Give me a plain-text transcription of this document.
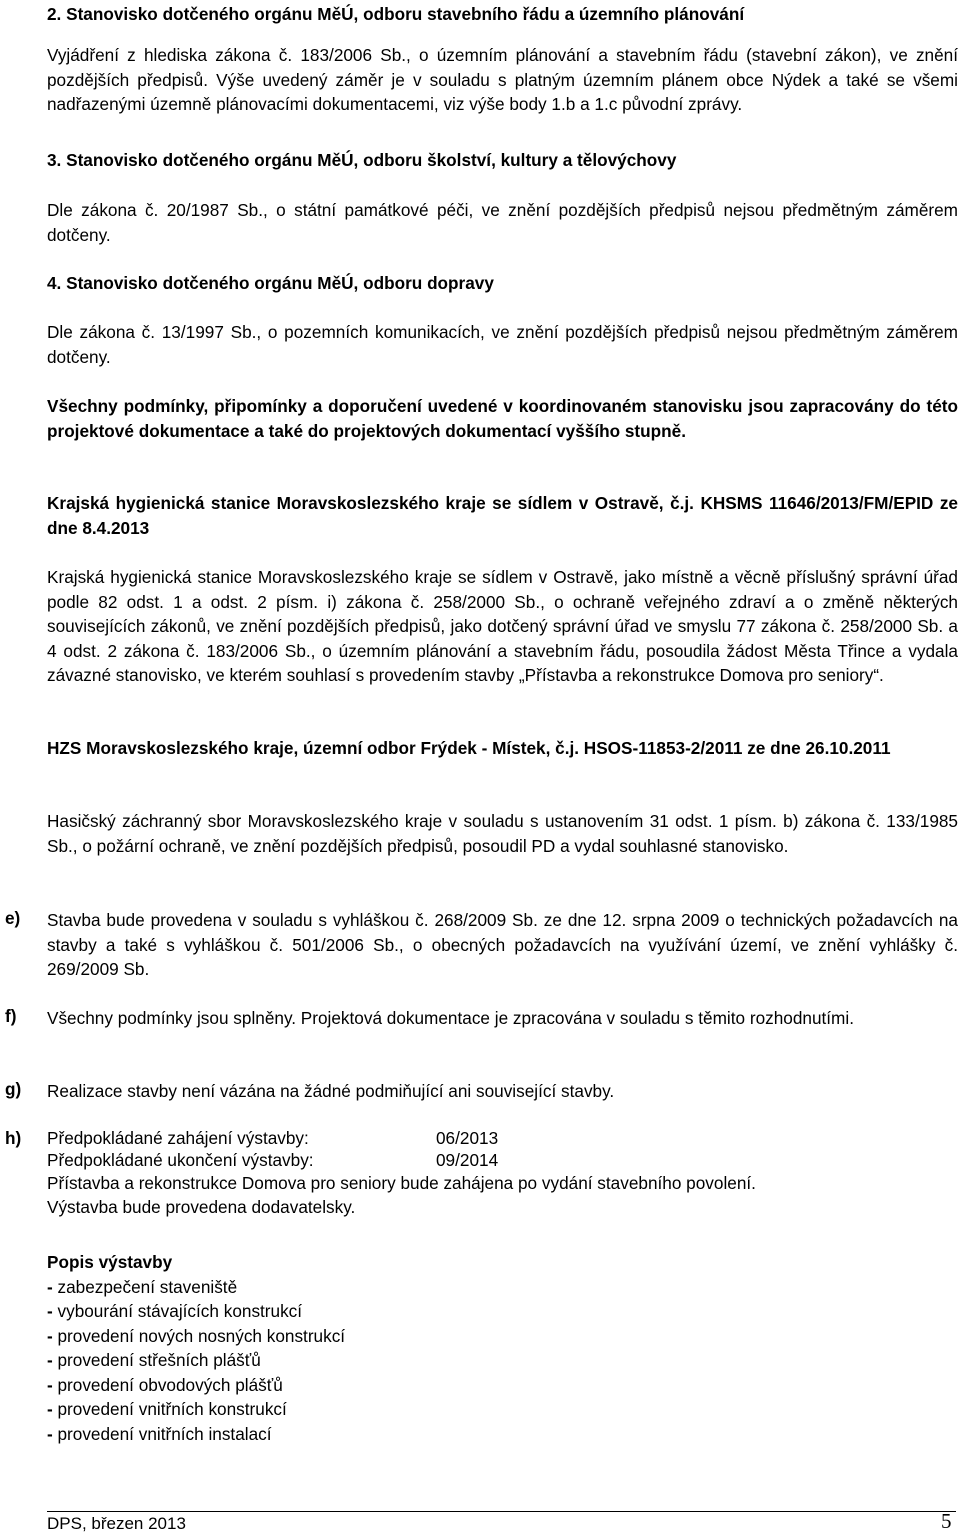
2. Stanovisko dotčeného orgánu MěÚ, odboru stavebního řádu a územního plánování

Vyjádření z hlediska zákona č. 183/2006 Sb., o územním plánování a stavebním řádu (stavební zákon), ve znění pozdějších předpisů. Výše uvedený záměr je v souladu s platným územním plánem obce Nýdek a také se všemi nadřazenými územně plánovacími dokumentacemi, viz výše body 1.b a 1.c původní zprávy.

3. Stanovisko dotčeného orgánu MěÚ, odboru školství, kultury a tělovýchovy

Dle zákona č. 20/1987 Sb., o státní památkové péči, ve znění pozdějších předpisů nejsou předmětným záměrem dotčeny.

4. Stanovisko dotčeného orgánu MěÚ, odboru dopravy

Dle zákona č. 13/1997 Sb., o pozemních komunikacích, ve znění pozdějších předpisů nejsou předmětným záměrem dotčeny.

Všechny podmínky, připomínky a doporučení uvedené v koordinovaném stanovisku jsou zapracovány do této projektové dokumentace a také do projektových dokumentací vyššího stupně.

Krajská hygienická stanice Moravskoslezského kraje se sídlem v Ostravě, č.j. KHSMS 11646/2013/FM/EPID ze dne 8.4.2013

Krajská hygienická stanice Moravskoslezského kraje se sídlem v Ostravě, jako místně a věcně příslušný správní úřad podle 82 odst. 1 a odst. 2 písm. i) zákona č. 258/2000 Sb., o ochraně veřejného zdraví a o změně některých souvisejících zákonů, ve znění pozdějších předpisů, jako dotčený správní úřad ve smyslu 77 zákona č. 258/2000 Sb. a 4 odst. 2 zákona č. 183/2006 Sb., o územním plánování a stavebním řádu, posoudila žádost Města Třince a vydala závazné stanovisko, ve kterém souhlasí s provedením stavby „Přístavba a rekonstrukce Domova pro seniory“.

HZS Moravskoslezského kraje, územní odbor Frýdek - Místek, č.j. HSOS-11853-2/2011 ze dne 26.10.2011

Hasičský záchranný sbor Moravskoslezského kraje v souladu s ustanovením 31 odst. 1 písm. b) zákona č. 133/1985 Sb., o požární ochraně, ve znění pozdějších předpisů, posoudil PD a vydal souhlasné stanovisko.

e) Stavba bude provedena v souladu s vyhláškou č. 268/2009 Sb. ze dne 12. srpna 2009 o technických požadavcích na stavby a také s vyhláškou č. 501/2006 Sb., o obecných požadavcích na využívání území, ve znění vyhlášky č. 269/2009 Sb.

f) Všechny podmínky jsou splněny. Projektová dokumentace je zpracována v souladu s těmito rozhodnutími.

g) Realizace stavby není vázána na žádné podmiňující ani související stavby.

h) Předpokládané zahájení výstavby:	06/2013
Předpokládané ukončení výstavby:	09/2014

Přístavba a rekonstrukce Domova pro seniory bude zahájena po vydání stavebního povolení.

Výstavba bude provedena dodavatelsky.

Popis výstavby

- zabezpečení staveniště

- vybourání stávajících konstrukcí

- provedení nových nosných konstrukcí

- provedení střešních plášťů

- provedení obvodových plášťů

- provedení vnitřních konstrukcí

- provedení vnitřních instalací

DPS, březen 2013	5
